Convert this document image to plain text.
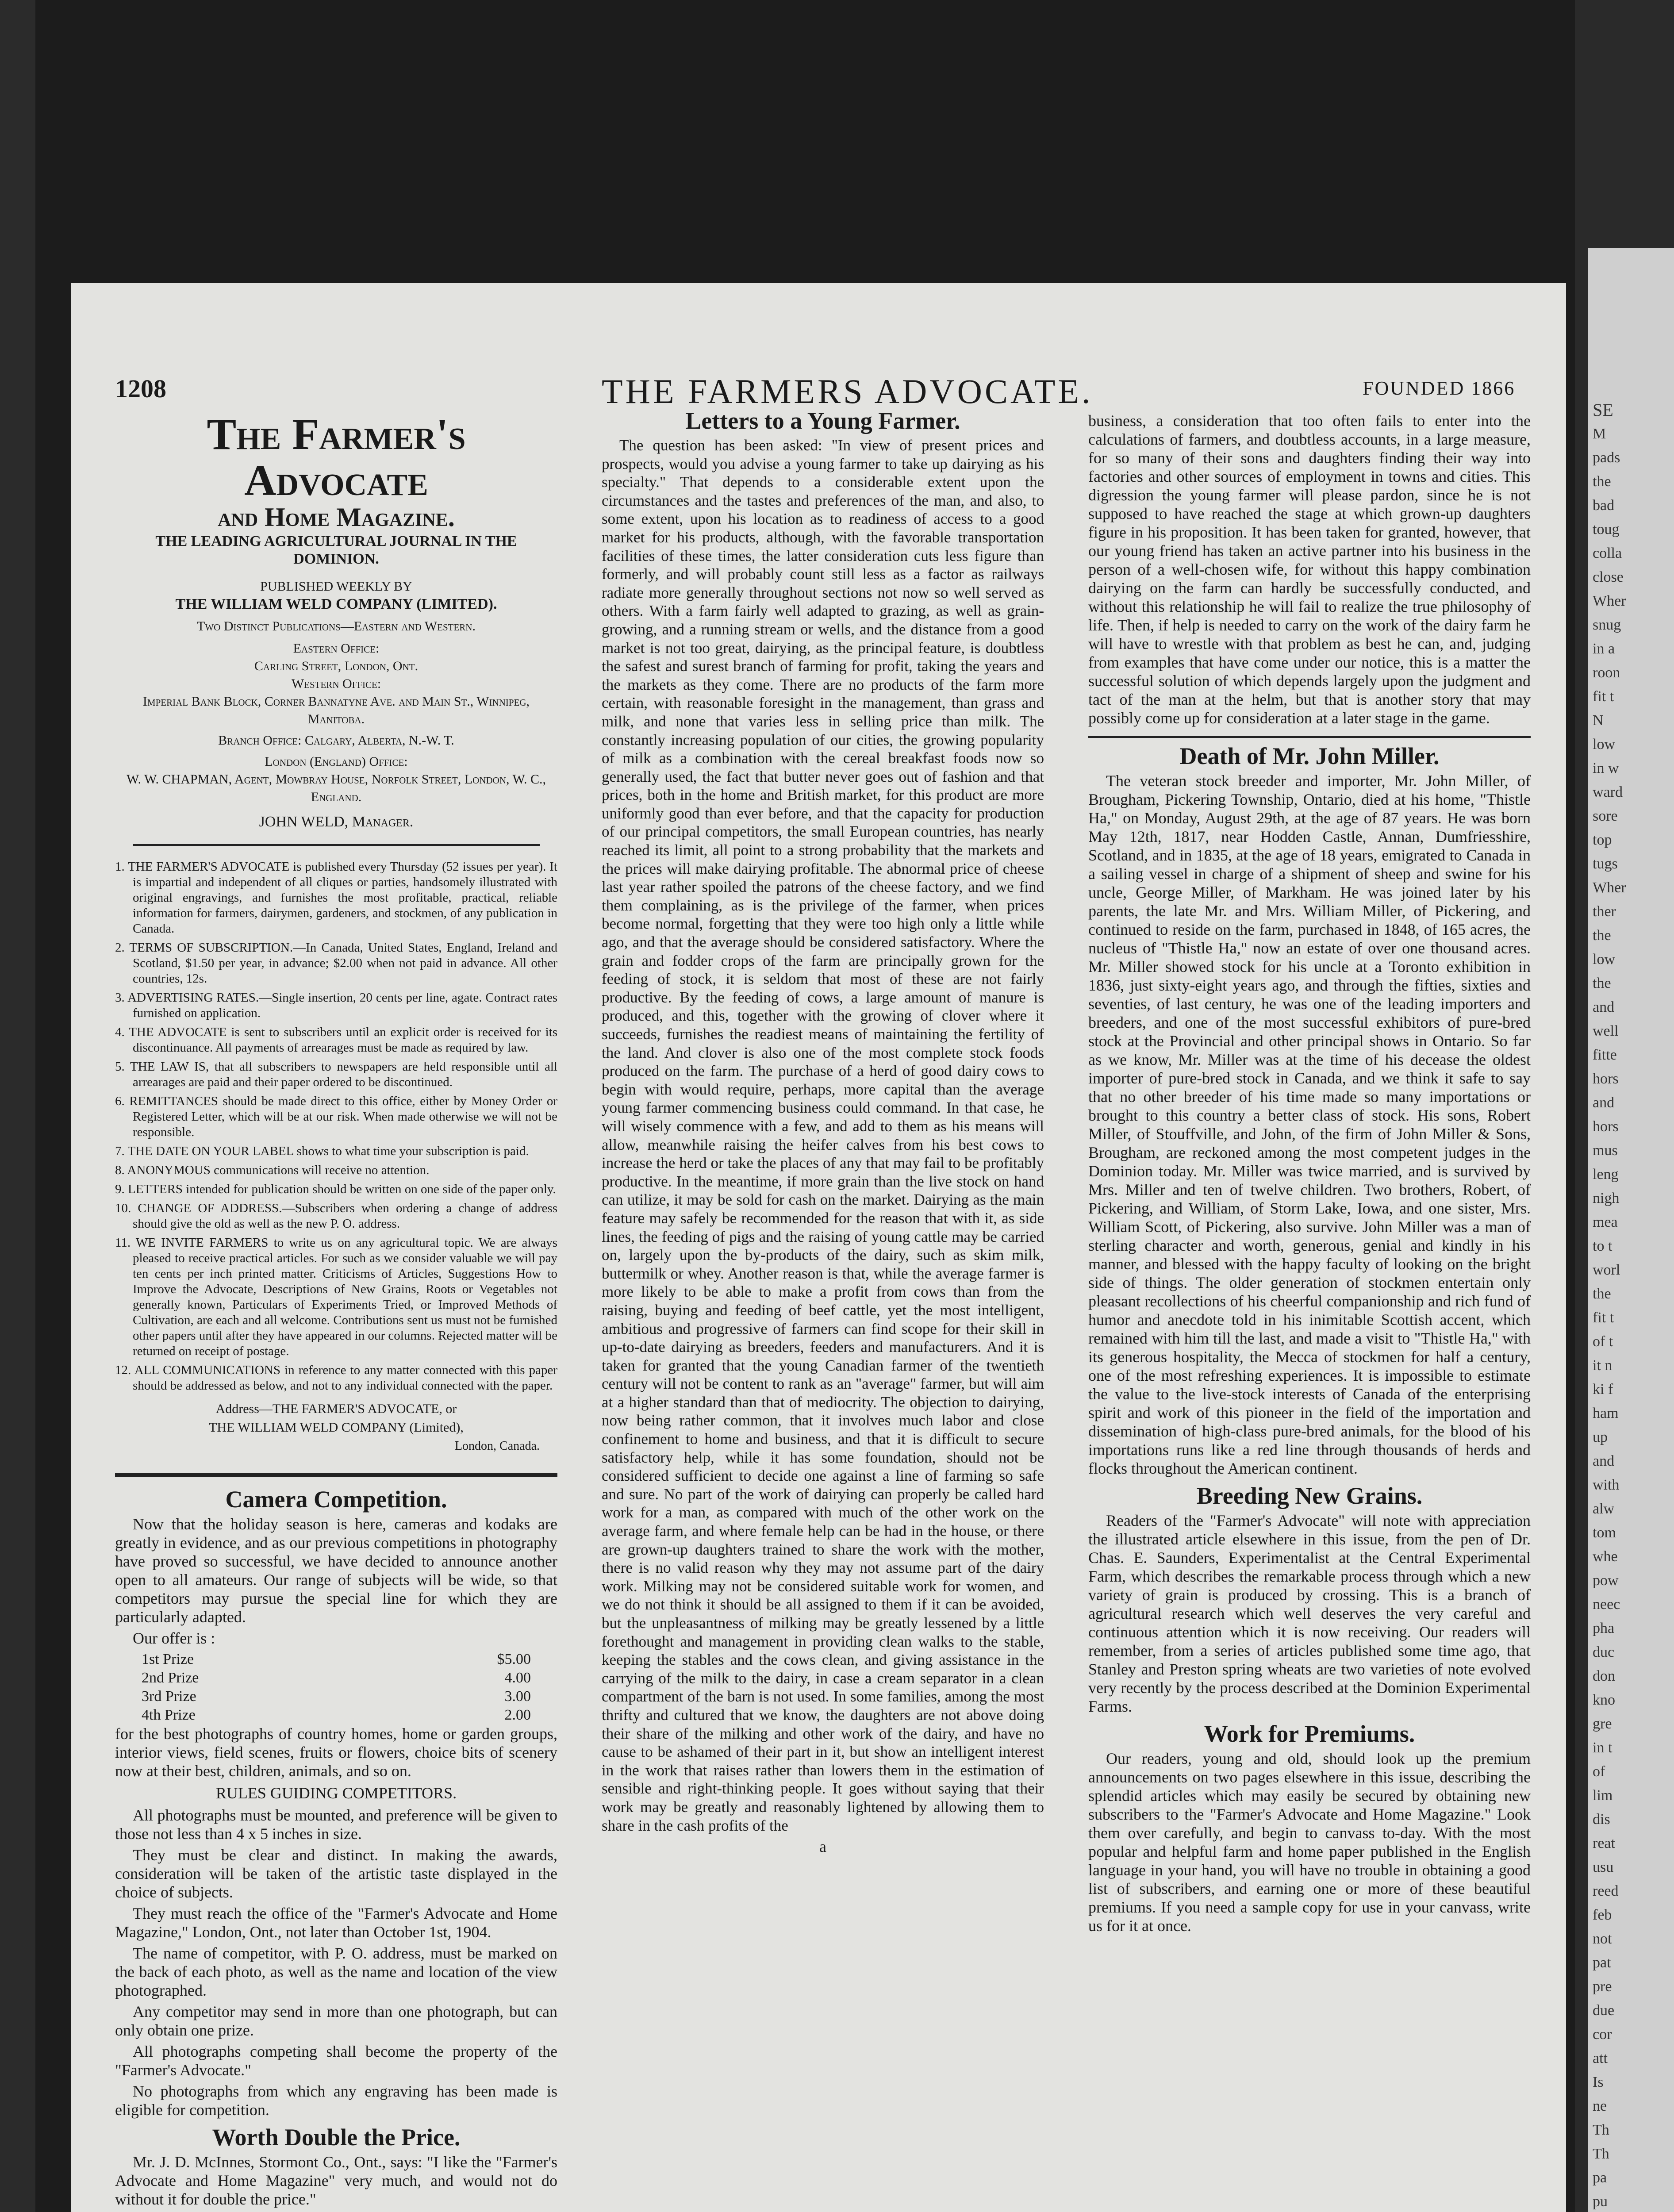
SE
M
pads
the
bad
toug
colla
close
Wher
snug
in a
roon
fit t
N
low
in w
ward
sore
top
tugs
Wher
ther
the
low
the
and
well
fitte
hors
and
hors
mus
leng
nigh
mea
to t
worl
the
fit t
of t
it n
ki f
ham
up
and
with
alw
tom
whe
pow
neec
pha
duc
don
kno
gre
in t
of
lim
dis
reat
usu
reed
feb
not
pat
pre
due
cor
att
Is
ne
Th
Th
pa
pu
1208	THE FARMERS ADVOCATE.	FOUNDED 1866
The Farmer's Advocate
and Home Magazine.
THE LEADING AGRICULTURAL JOURNAL IN THE DOMINION.
PUBLISHED WEEKLY BY
THE WILLIAM WELD COMPANY (LIMITED).
Two Distinct Publications—Eastern and Western.
Eastern Office:
Carling Street, London, Ont.
Western Office:
Imperial Bank Block, Corner Bannatyne Ave. and Main St., Winnipeg, Manitoba.
Branch Office: Calgary, Alberta, N.-W. T.
London (England) Office:
W. W. CHAPMAN, Agent, Mowbray House, Norfolk Street, London, W. C., England.
JOHN WELD, Manager.

1. THE FARMER'S ADVOCATE is published every Thursday (52 issues per year). It is impartial and independent of all cliques or parties, handsomely illustrated with original engravings, and furnishes the most profitable, practical, reliable information for farmers, dairymen, gardeners, and stockmen, of any publication in Canada.

2. TERMS OF SUBSCRIPTION.—In Canada, United States, England, Ireland and Scotland, $1.50 per year, in advance; $2.00 when not paid in advance. All other countries, 12s.

3. ADVERTISING RATES.—Single insertion, 20 cents per line, agate. Contract rates furnished on application.

4. THE ADVOCATE is sent to subscribers until an explicit order is received for its discontinuance. All payments of arrearages must be made as required by law.

5. THE LAW IS, that all subscribers to newspapers are held responsible until all arrearages are paid and their paper ordered to be discontinued.

6. REMITTANCES should be made direct to this office, either by Money Order or Registered Letter, which will be at our risk. When made otherwise we will not be responsible.

7. THE DATE ON YOUR LABEL shows to what time your subscription is paid.

8. ANONYMOUS communications will receive no attention.

9. LETTERS intended for publication should be written on one side of the paper only.

10. CHANGE OF ADDRESS.—Subscribers when ordering a change of address should give the old as well as the new P. O. address.

11. WE INVITE FARMERS to write us on any agricultural topic. We are always pleased to receive practical articles. For such as we consider valuable we will pay ten cents per inch printed matter. Criticisms of Articles, Suggestions How to Improve the Advocate, Descriptions of New Grains, Roots or Vegetables not generally known, Particulars of Experiments Tried, or Improved Methods of Cultivation, are each and all welcome. Contributions sent us must not be furnished other papers until after they have appeared in our columns. Rejected matter will be returned on receipt of postage.

12. ALL COMMUNICATIONS in reference to any matter connected with this paper should be addressed as below, and not to any individual connected with the paper.

Address—THE FARMER'S ADVOCATE, or
THE WILLIAM WELD COMPANY (Limited),
London, Canada.
Camera Competition.

Now that the holiday season is here, cameras and kodaks are greatly in evidence, and as our previous competitions in photography have proved so successful, we have decided to announce another open to all amateurs. Our range of subjects will be wide, so that competitors may pursue the special line for which they are particularly adapted.

Our offer is :

1st Prize	$5.00
2nd Prize	4.00
3rd Prize	3.00
4th Prize	2.00

for the best photographs of country homes, home or garden groups, interior views, field scenes, fruits or flowers, choice bits of scenery now at their best, children, animals, and so on.

RULES GUIDING COMPETITORS.

All photographs must be mounted, and preference will be given to those not less than 4 x 5 inches in size.

They must be clear and distinct. In making the awards, consideration will be taken of the artistic taste displayed in the choice of subjects.

They must reach the office of the "Farmer's Advocate and Home Magazine," London, Ont., not later than October 1st, 1904.

The name of competitor, with P. O. address, must be marked on the back of each photo, as well as the name and location of the view photographed.

Any competitor may send in more than one photograph, but can only obtain one prize.

All photographs competing shall become the property of the "Farmer's Advocate."

No photographs from which any engraving has been made is eligible for competition.

Worth Double the Price.

Mr. J. D. McInnes, Stormont Co., Ont., says: "I like the "Farmer's Advocate and Home Magazine" very much, and would not do without it for double the price."

Letters to a Young Farmer.

The question has been asked: "In view of present prices and prospects, would you advise a young farmer to take up dairying as his specialty." That depends to a considerable extent upon the circumstances and the tastes and preferences of the man, and also, to some extent, upon his location as to readiness of access to a good market for his products, although, with the favorable transportation facilities of these times, the latter consideration cuts less figure than formerly, and will probably count still less as a factor as railways radiate more generally throughout sections not now so well served as others. With a farm fairly well adapted to grazing, as well as grain-growing, and a running stream or wells, and the distance from a good market is not too great, dairying, as the principal feature, is doubtless the safest and surest branch of farming for profit, taking the years and the markets as they come. There are no products of the farm more certain, with reasonable foresight in the management, than grass and milk, and none that varies less in selling price than milk. The constantly increasing population of our cities, the growing popularity of milk as a combination with the cereal breakfast foods now so generally used, the fact that butter never goes out of fashion and that prices, both in the home and British market, for this product are more uniformly good than ever before, and that the capacity for production of our principal competitors, the small European countries, has nearly reached its limit, all point to a strong probability that the markets and the prices will make dairying profitable. The abnormal price of cheese last year rather spoiled the patrons of the cheese factory, and we find them complaining, as is the privilege of the farmer, when prices become normal, forgetting that they were too high only a little while ago, and that the average should be considered satisfactory. Where the grain and fodder crops of the farm are principally grown for the feeding of stock, it is seldom that most of these are not fairly productive. By the feeding of cows, a large amount of manure is produced, and this, together with the growing of clover where it succeeds, furnishes the readiest means of maintaining the fertility of the land. And clover is also one of the most complete stock foods produced on the farm. The purchase of a herd of good dairy cows to begin with would require, perhaps, more capital than the average young farmer commencing business could command. In that case, he will wisely commence with a few, and add to them as his means will allow, meanwhile raising the heifer calves from his best cows to increase the herd or take the places of any that may fail to be profitably productive. In the meantime, if more grain than the live stock on hand can utilize, it may be sold for cash on the market. Dairying as the main feature may safely be recommended for the reason that with it, as side lines, the feeding of pigs and the raising of young cattle may be carried on, largely upon the by-products of the dairy, such as skim milk, buttermilk or whey. Another reason is that, while the average farmer is more likely to be able to make a profit from cows than from the raising, buying and feeding of beef cattle, yet the most intelligent, ambitious and progressive of farmers can find scope for their skill in up-to-date dairying as breeders, feeders and manufacturers. And it is taken for granted that the young Canadian farmer of the twentieth century will not be content to rank as an "average" farmer, but will aim at a higher standard than that of mediocrity. The objection to dairying, now being rather common, that it involves much labor and close confinement to home and business, and that it is difficult to secure satisfactory help, while it has some foundation, should not be considered sufficient to decide one against a line of farming so safe and sure. No part of the work of dairying can properly be called hard work for a man, as compared with much of the other work on the average farm, and where female help can be had in the house, or there are grown-up daughters trained to share the work with the mother, there is no valid reason why they may not assume part of the dairy work. Milking may not be considered suitable work for women, and we do not think it should be all assigned to them if it can be avoided, but the unpleasantness of milking may be greatly lessened by a little forethought and management in providing clean walks to the stable, keeping the stables and the cows clean, and giving assistance in the carrying of the milk to the dairy, in case a cream separator in a clean compartment of the barn is not used. In some families, among the most thrifty and cultured that we know, the daughters are not above doing their share of the milking and other work of the dairy, and have no cause to be ashamed of their part in it, but show an intelligent interest in the work that raises rather than lowers them in the estimation of sensible and right-thinking people. It goes without saying that their work may be greatly and reasonably lightened by allowing them to share in the cash profits of the

a

business, a consideration that too often fails to enter into the calculations of farmers, and doubtless accounts, in a large measure, for so many of their sons and daughters finding their way into factories and other sources of employment in towns and cities. This digression the young farmer will please pardon, since he is not supposed to have reached the stage at which grown-up daughters figure in his proposition. It has been taken for granted, however, that our young friend has taken an active partner into his business in the person of a well-chosen wife, for without this happy combination dairying on the farm can hardly be successfully conducted, and without this relationship he will fail to realize the true philosophy of life. Then, if help is needed to carry on the work of the dairy farm he will have to wrestle with that problem as best he can, and, judging from examples that have come under our notice, this is a matter the successful solution of which depends largely upon the judgment and tact of the man at the helm, but that is another story that may possibly come up for consideration at a later stage in the game.

Death of Mr. John Miller.

The veteran stock breeder and importer, Mr. John Miller, of Brougham, Pickering Township, Ontario, died at his home, "Thistle Ha," on Monday, August 29th, at the age of 87 years. He was born May 12th, 1817, near Hodden Castle, Annan, Dumfriesshire, Scotland, and in 1835, at the age of 18 years, emigrated to Canada in a sailing vessel in charge of a shipment of sheep and swine for his uncle, George Miller, of Markham. He was joined later by his parents, the late Mr. and Mrs. William Miller, of Pickering, and continued to reside on the farm, purchased in 1848, of 165 acres, the nucleus of "Thistle Ha," now an estate of over one thousand acres. Mr. Miller showed stock for his uncle at a Toronto exhibition in 1836, just sixty-eight years ago, and through the fifties, sixties and seventies, of last century, he was one of the leading importers and breeders, and one of the most successful exhibitors of pure-bred stock at the Provincial and other principal shows in Ontario. So far as we know, Mr. Miller was at the time of his decease the oldest importer of pure-bred stock in Canada, and we think it safe to say that no other breeder of his time made so many importations or brought to this country a better class of stock. His sons, Robert Miller, of Stouffville, and John, of the firm of John Miller & Sons, Brougham, are reckoned among the most competent judges in the Dominion today. Mr. Miller was twice married, and is survived by Mrs. Miller and ten of twelve children. Two brothers, Robert, of Pickering, and William, of Storm Lake, Iowa, and one sister, Mrs. William Scott, of Pickering, also survive. John Miller was a man of sterling character and worth, generous, genial and kindly in his manner, and blessed with the happy faculty of looking on the bright side of things. The older generation of stockmen entertain only pleasant recollections of his cheerful companionship and rich fund of humor and anecdote told in his inimitable Scottish accent, which remained with him till the last, and made a visit to "Thistle Ha," with its generous hospitality, the Mecca of stockmen for half a century, one of the most refreshing experiences. It is impossible to estimate the value to the live-stock interests of Canada of the enterprising spirit and work of this pioneer in the field of the importation and dissemination of high-class pure-bred animals, for the blood of his importations runs like a red line through thousands of herds and flocks throughout the American continent.

Breeding New Grains.

Readers of the "Farmer's Advocate" will note with appreciation the illustrated article elsewhere in this issue, from the pen of Dr. Chas. E. Saunders, Experimentalist at the Central Experimental Farm, which describes the remarkable process through which a new variety of grain is produced by crossing. This is a branch of agricultural research which well deserves the very careful and continuous attention which it is now receiving. Our readers will remember, from a series of articles published some time ago, that Stanley and Preston spring wheats are two varieties of note evolved very recently by the process described at the Dominion Experimental Farms.

Work for Premiums.

Our readers, young and old, should look up the premium announcements on two pages elsewhere in this issue, describing the splendid articles which may easily be secured by obtaining new subscribers to the "Farmer's Advocate and Home Magazine." Look them over carefully, and begin to canvass to-day. With the most popular and helpful farm and home paper published in the English language in your hand, you will have no trouble in obtaining a good list of subscribers, and earning one or more of these beautiful premiums. If you need a sample copy for use in your canvass, write us for it at once.
